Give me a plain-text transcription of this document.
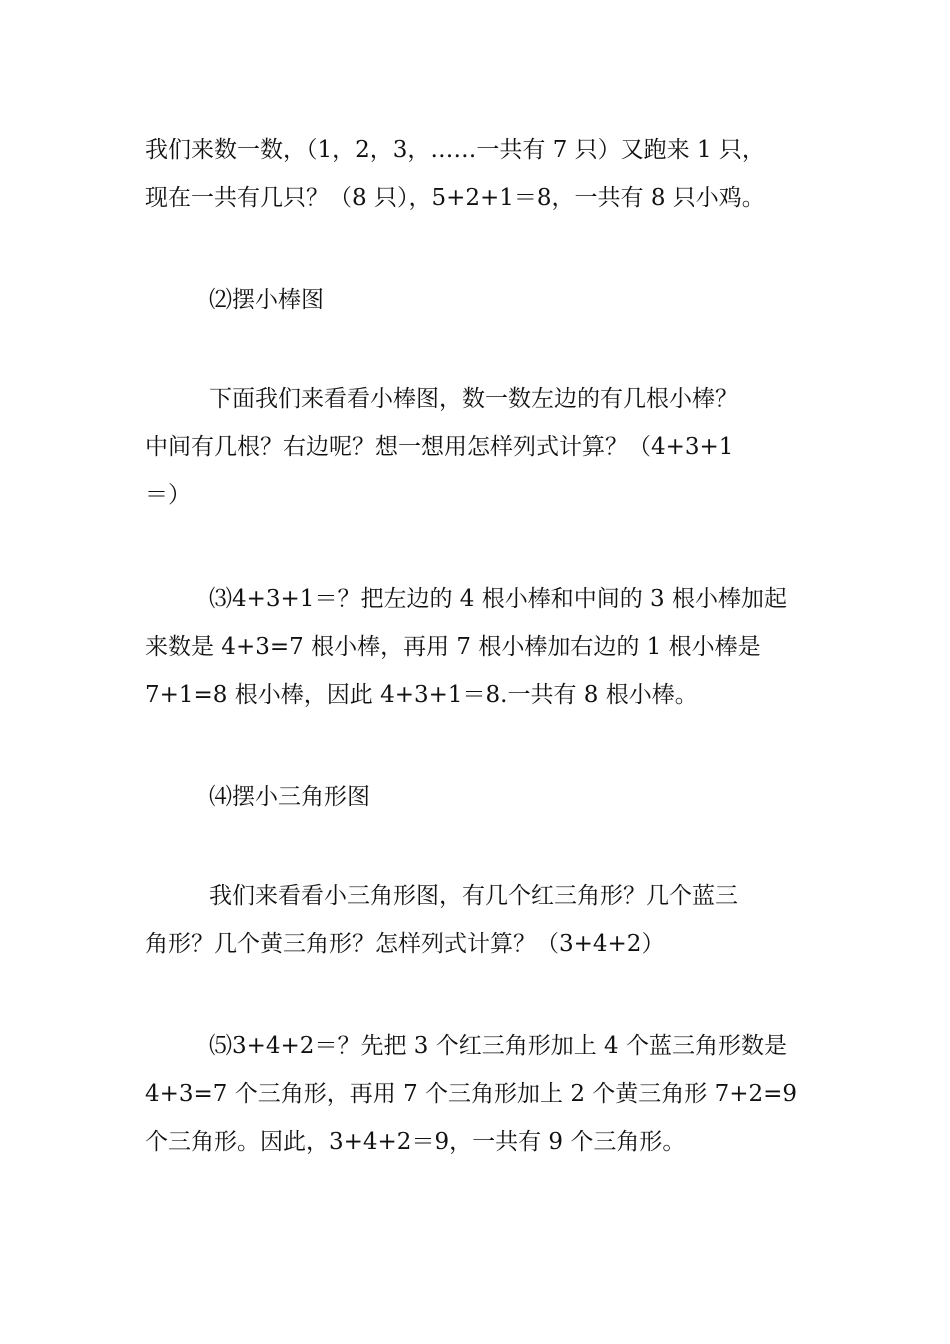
我们来数一数，（1，2，3，……一共有 7 只）又跑来 1 只，
现在一共有几只？（8 只），5+2+1＝8，一共有 8 只小鸡。

⑵摆小棒图

下面我们来看看小棒图，数一数左边的有几根小棒？
中间有几根？右边呢？想一想用怎样列式计算？（4+3+1
＝）

⑶4+3+1＝？把左边的 4 根小棒和中间的 3 根小棒加起
来数是 4+3=7 根小棒，再用 7 根小棒加右边的 1 根小棒是
7+1=8 根小棒，因此 4+3+1＝8.一共有 8 根小棒。

⑷摆小三角形图

我们来看看小三角形图，有几个红三角形？几个蓝三
角形？几个黄三角形？怎样列式计算？（3+4+2）

⑸3+4+2＝？先把 3 个红三角形加上 4 个蓝三角形数是
4+3=7 个三角形，再用 7 个三角形加上 2 个黄三角形 7+2=9
个三角形。因此，3+4+2＝9，一共有 9 个三角形。
